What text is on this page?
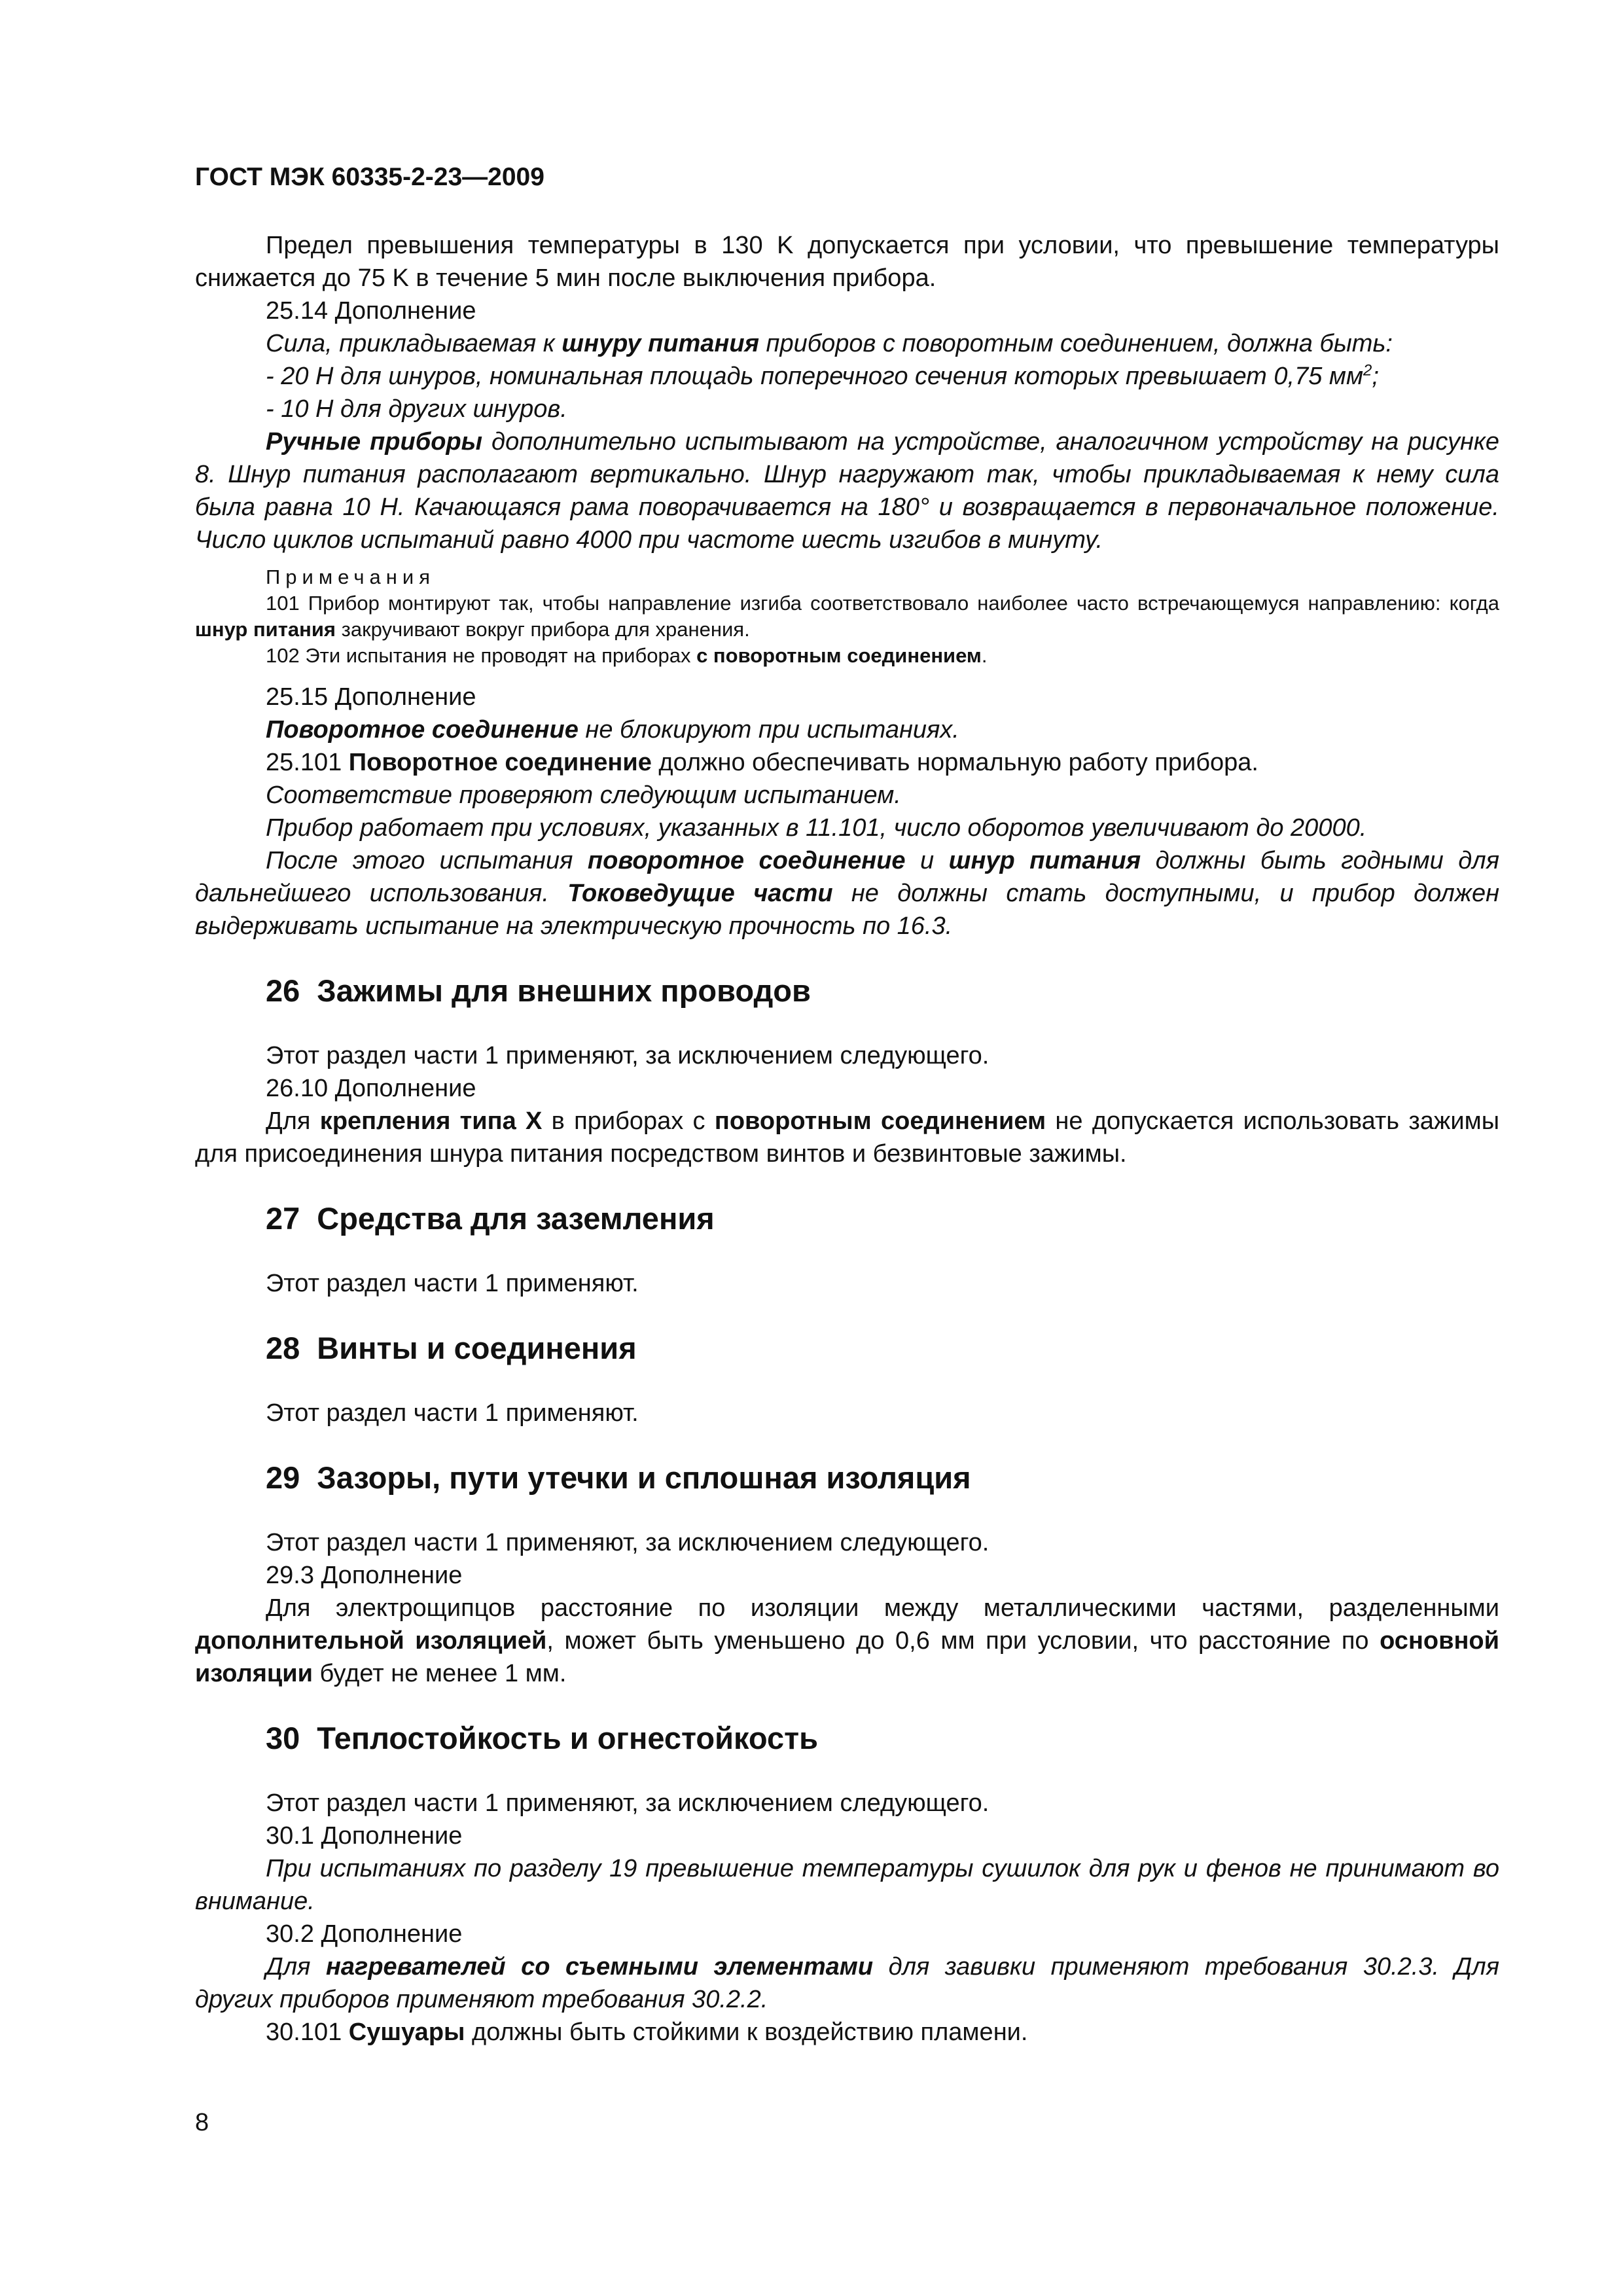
ГОСТ МЭК 60335-2-23—2009

Предел превышения температуры в 130 K допускается при условии, что превышение температуры снижается до 75 K в течение 5 мин после выключения прибора.

25.14 Дополнение

Сила, прикладываемая к шнуру питания приборов с поворотным соединением, должна быть:

- 20 Н для шнуров, номинальная площадь поперечного сечения которых превышает 0,75 $мм^2$;

- 10 Н для других шнуров.

Ручные приборы дополнительно испытывают на устройстве, аналогичном устройству на рисунке 8. Шнур питания располагают вертикально. Шнур нагружают так, чтобы прикладываемая к нему сила была равна 10 Н. Качающаяся рама поворачивается на 180° и возвращается в первоначальное положение. Число циклов испытаний равно 4000 при частоте шесть изгибов в минуту.

Примечания

101 Прибор монтируют так, чтобы направление изгиба соответствовало наиболее часто встречающемуся направлению: когда шнур питания закручивают вокруг прибора для хранения.

102 Эти испытания не проводят на приборах с поворотным соединением.

25.15 Дополнение

Поворотное соединение не блокируют при испытаниях.

25.101 Поворотное соединение должно обеспечивать нормальную работу прибора.

Соответствие проверяют следующим испытанием.

Прибор работает при условиях, указанных в 11.101, число оборотов увеличивают до 20000.

После этого испытания поворотное соединение и шнур питания должны быть годными для дальнейшего использования. Токоведущие части не должны стать доступными, и прибор должен выдерживать испытание на электрическую прочность по 16.3.

26 Зажимы для внешних проводов

Этот раздел части 1 применяют, за исключением следующего.

26.10 Дополнение

Для крепления типа X в приборах с поворотным соединением не допускается использовать зажимы для присоединения шнура питания посредством винтов и безвинтовые зажимы.

27 Средства для заземления

Этот раздел части 1 применяют.

28 Винты и соединения

Этот раздел части 1 применяют.

29 Зазоры, пути утечки и сплошная изоляция

Этот раздел части 1 применяют, за исключением следующего.

29.3 Дополнение

Для электрощипцов расстояние по изоляции между металлическими частями, разделенными дополнительной изоляцией, может быть уменьшено до 0,6 мм при условии, что расстояние по основной изоляции будет не менее 1 мм.

30 Теплостойкость и огнестойкость

Этот раздел части 1 применяют, за исключением следующего.

30.1 Дополнение

При испытаниях по разделу 19 превышение температуры сушилок для рук и фенов не принимают во внимание.

30.2 Дополнение

Для нагревателей со съемными элементами для завивки применяют требования 30.2.3. Для других приборов применяют требования 30.2.2.

30.101 Сушуары должны быть стойкими к воздействию пламени.

8
